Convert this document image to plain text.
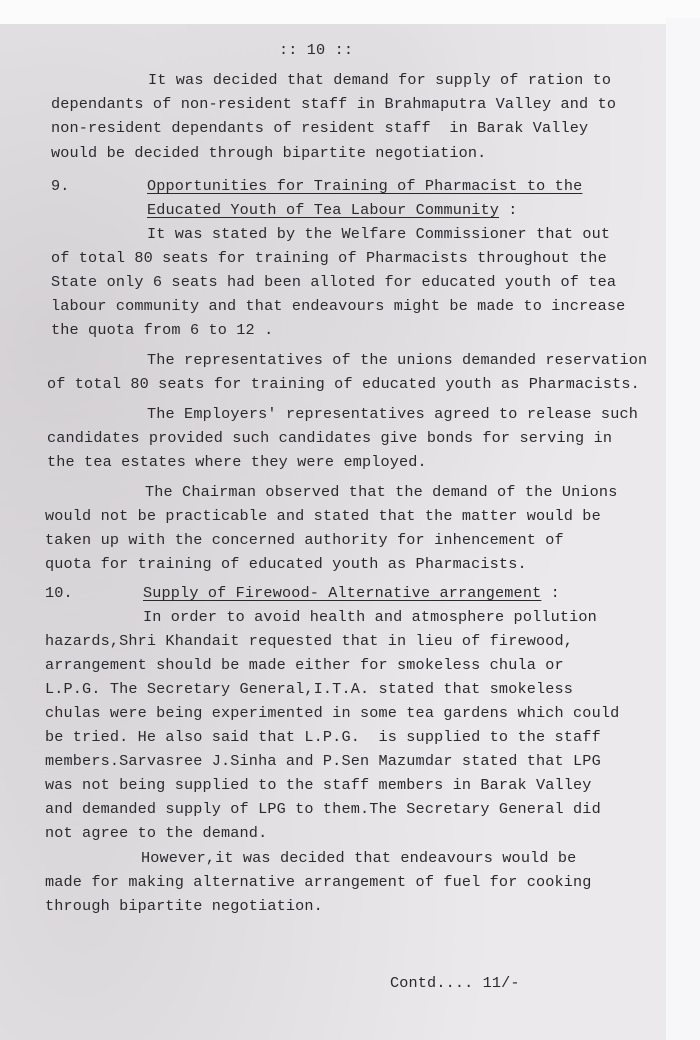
:: 10 ::
It was decided that demand for supply of ration to
dependants of non-resident staff in Brahmaputra Valley and to
non-resident dependants of resident staff  in Barak Valley
would be decided through bipartite negotiation.
9.	Opportunities for Training of Pharmacist to the
Educated Youth of Tea Labour Community :
It was stated by the Welfare Commissioner that out
of total 80 seats for training of Pharmacists throughout the
State only 6 seats had been alloted for educated youth of tea
labour community and that endeavours might be made to increase
the quota from 6 to 12 .
The representatives of the unions demanded reservation
of total 80 seats for training of educated youth as Pharmacists.
The Employers' representatives agreed to release such
candidates provided such candidates give bonds for serving in
the tea estates where they were employed.
The Chairman observed that the demand of the Unions
would not be practicable and stated that the matter would be
taken up with the concerned authority for inhencement of
quota for training of educated youth as Pharmacists.
10.	Supply of Firewood- Alternative arrangement :
In order to avoid health and atmosphere pollution
hazards,Shri Khandait requested that in lieu of firewood,
arrangement should be made either for smokeless chula or
L.P.G. The Secretary General,I.T.A. stated that smokeless
chulas were being experimented in some tea gardens which could
be tried. He also said that L.P.G.  is supplied to the staff
members.Sarvasree J.Sinha and P.Sen Mazumdar stated that LPG
was not being supplied to the staff members in Barak Valley
and demanded supply of LPG to them.The Secretary General did
not agree to the demand.
However,it was decided that endeavours would be
made for making alternative arrangement of fuel for cooking
through bipartite negotiation.
Contd.... 11/-
